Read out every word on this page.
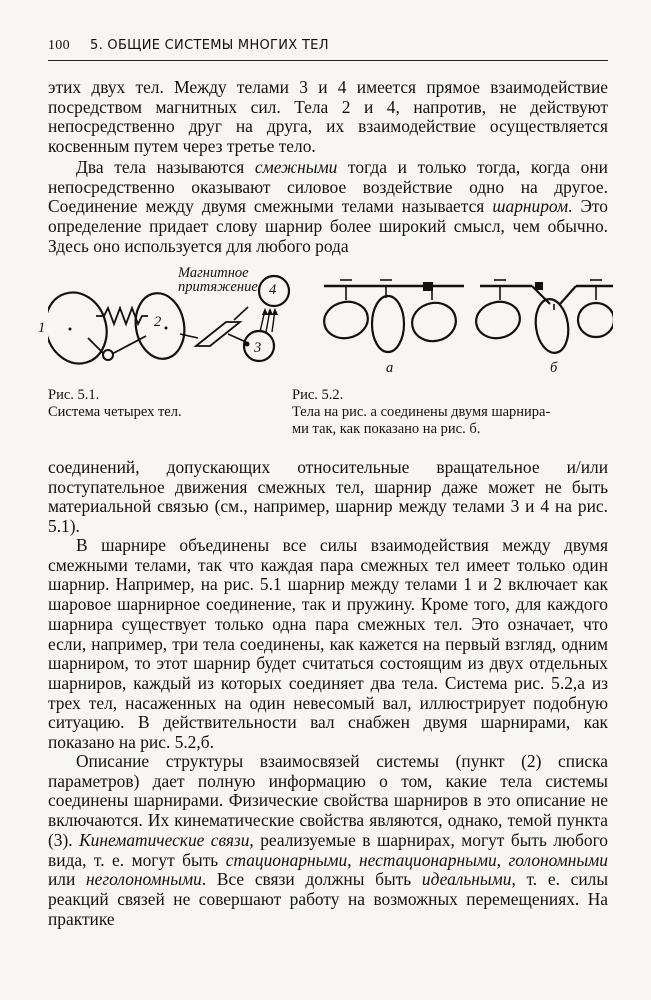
100 5. ОБЩИЕ СИСТЕМЫ МНОГИХ ТЕЛ

этих двух тел. Между телами 3 и 4 имеется прямое взаимодействие посредством магнитных сил. Тела 2 и 4, напротив, не действуют непосредственно друг на друга, их взаимодействие осуществляется косвенным путем через третье тело.

Два тела называются смежными тогда и только тогда, когда они непосредственно оказывают силовое воздействие одно на другое. Соединение между двумя смежными телами называется шарниром. Это определение придает слову шарнир более широкий смысл, чем обычно. Здесь оно используется для любого рода

Магнитное
притяжение
1	2
3
4
а	б

Рис. 5.1.

Система четырех тел.

Рис. 5.2.

Тела на рис. а соединены двумя шарнира-

ми так, как показано на рис. б.

соединений, допускающих относительные вращательное и/или поступательное движения смежных тел, шарнир даже может не быть материальной связью (см., например, шарнир между телами 3 и 4 на рис. 5.1).

В шарнире объединены все силы взаимодействия между двумя смежными телами, так что каждая пара смежных тел имеет только один шарнир. Например, на рис. 5.1 шарнир между телами 1 и 2 включает как шаровое шарнирное соединение, так и пружину. Кроме того, для каждого шарнира существует только одна пара смежных тел. Это означает, что если, например, три тела соединены, как кажется на первый взгляд, одним шарниром, то этот шарнир будет считаться состоящим из двух отдельных шарниров, каждый из которых соединяет два тела. Система рис. 5.2,а из трех тел, насаженных на один невесомый вал, иллюстрирует подобную ситуацию. В действительности вал снабжен двумя шарнирами, как показано на рис. 5.2,б.

Описание структуры взаимосвязей системы (пункт (2) списка параметров) дает полную информацию о том, какие тела системы соединены шарнирами. Физические свойства шарниров в это описание не включаются. Их кинематические свойства являются, однако, темой пункта (3). Кинематические связи, реализуемые в шарнирах, могут быть любого вида, т. е. могут быть стационарными, нестационарными, голономными или неголономными. Все связи должны быть идеальными, т. е. силы реакций связей не совершают работу на возможных перемещениях. На практике
